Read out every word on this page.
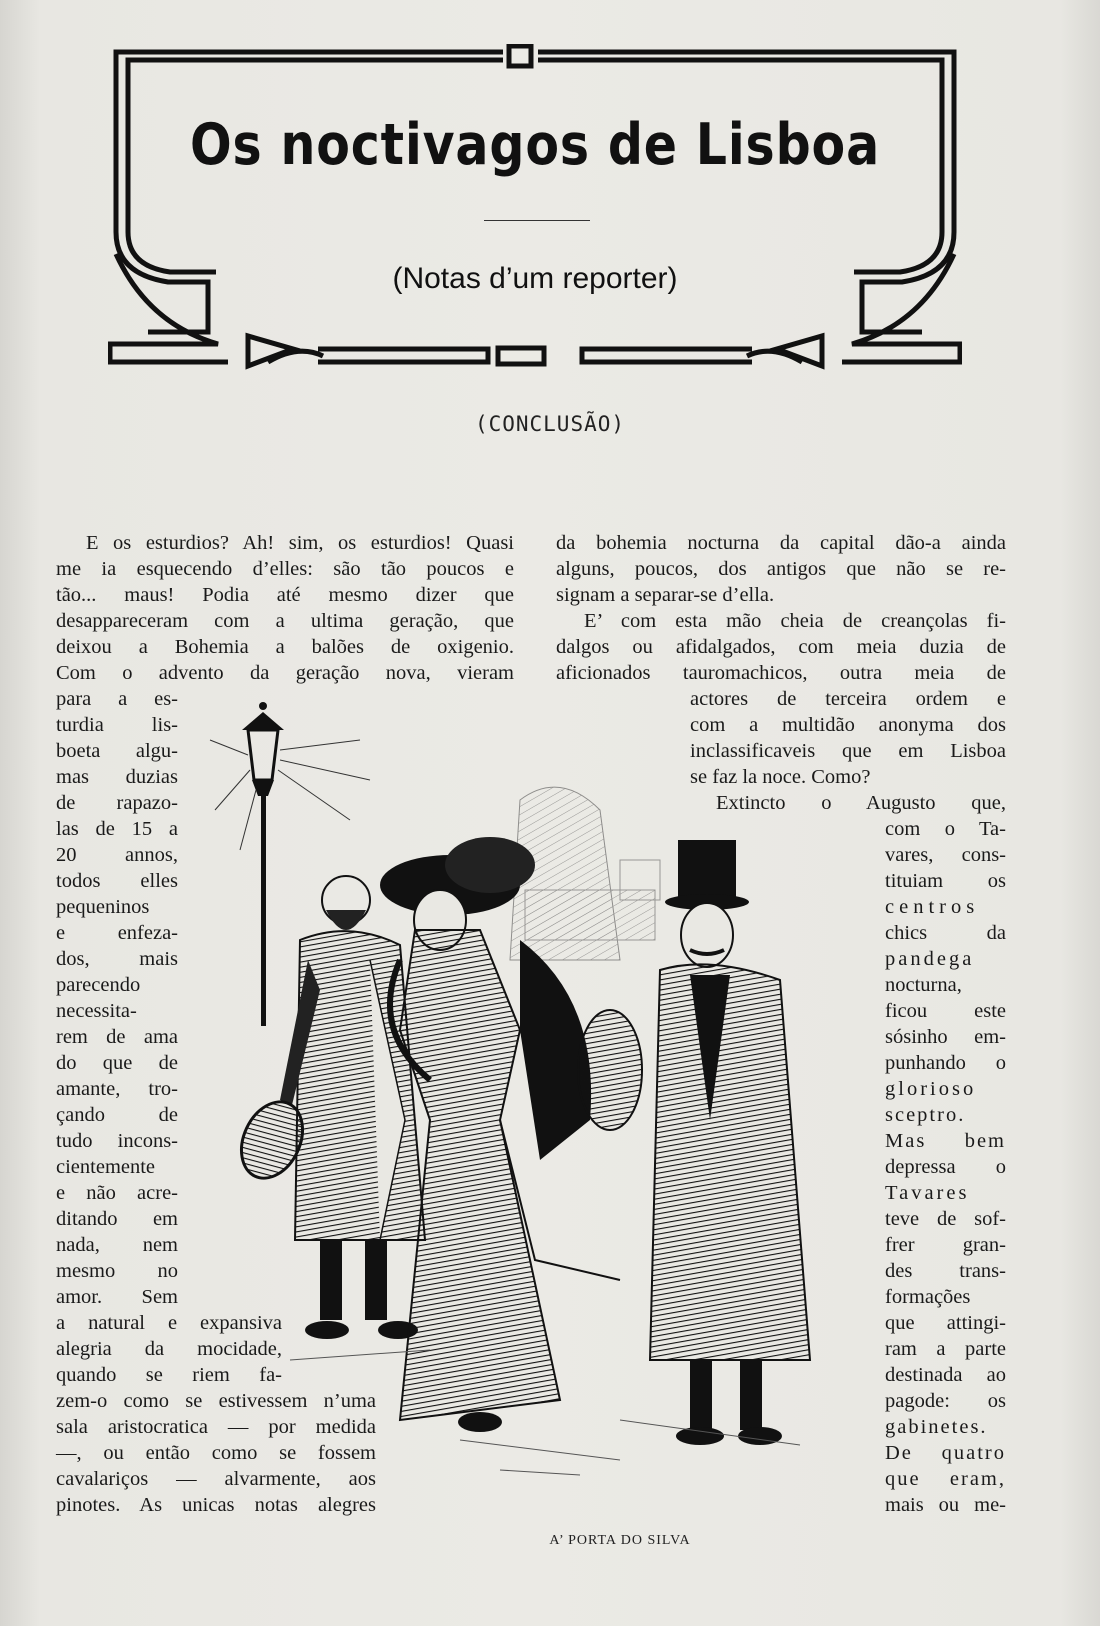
Os noctivagos de Lisboa
(Notas d’um reporter)
(CONCLUSÃO)
E os esturdios? Ah! sim, os esturdios! Quasi
me ia esquecendo d’elles: são tão poucos e
tão... maus! Podia até mesmo dizer que
desappareceram com a ultima geração, que
deixou a Bohemia a balões de oxigenio.
Com o advento da geração nova, vieram
para a es-
turdia lis-
boeta algu-
mas duzias
de rapazo-
las de 15 a
20 annos,
todos elles
pequeninos
e enfeza-
dos, mais
parecendo
necessita-
rem de ama
do que de
amante, tro-
çando de
tudo incons-
cientemente
e não acre-
ditando em
nada, nem
mesmo no
amor. Sem
a natural e expansiva
alegria da mocidade,
quando se riem fa-
zem-o como se estivessem n’uma
sala aristocratica — por medida
—, ou então como se fossem
cavalariços — alvarmente, aos
pinotes. As unicas notas alegres
da bohemia nocturna da capital dão-a ainda
alguns, poucos, dos antigos que não se re-
signam a separar-se d’ella.
E’ com esta mão cheia de creançolas fi-
dalgos ou afidalgados, com meia duzia de
aficionados tauromachicos, outra meia de
actores de terceira ordem e
com a multidão anonyma dos
inclassificaveis que em Lisboa
se faz la noce. Como?
Extincto o Augusto que,
com o Ta-
vares, cons-
tituiam os
centros
chics da
pandega
nocturna,
ficou este
sósinho em-
punhando o
glorioso
sceptro.
Mas bem
depressa o
Tavares
teve de sof-
frer gran-
des trans-
formações
que attingi-
ram a parte
destinada ao
pagode: os
gabinetes.
De quatro
que eram,
mais ou me-
A’ PORTA DO SILVA
